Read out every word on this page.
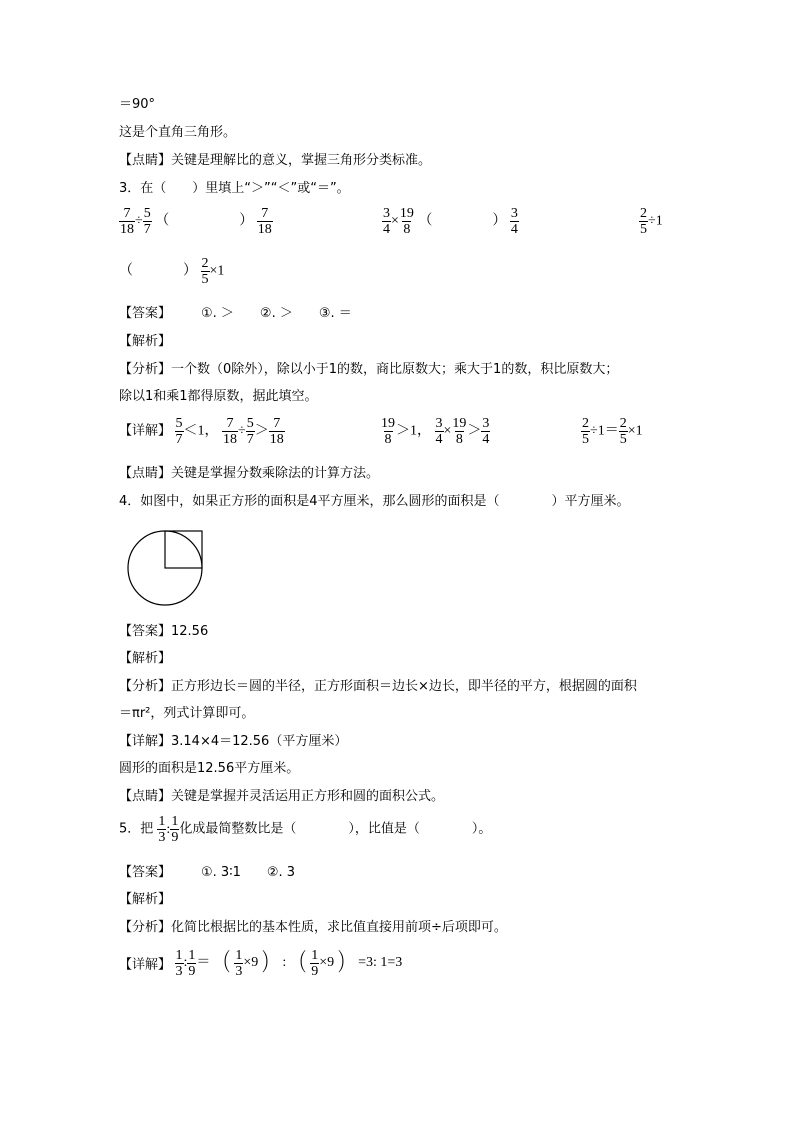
＝90°
这是个直角三角形。
【点睛】关键是理解比的意义，掌握三角形分类标准。
3．在（　　）里填上“＞”“＜”或“＝”。
$\frac{7}{18} \div \frac{5}{7}$ （	） $\frac{7}{18}$	$\frac{3}{4} \times \frac{19}{8}$ （	） $\frac{3}{4}$	$\frac{2}{5} \div 1$
（	） $\frac{2}{5} \times 1$
【答案】 ①. ＞　　②. ＞　　③. ＝
【解析】
【分析】一个数（0除外），除以小于1的数，商比原数大；乘大于1的数，积比原数大；
除以1和乘1都得原数，据此填空。
【详解】 $\frac{5}{7} <1$， $\frac{7}{18} \div \frac{5}{7} > \frac{7}{18}$	$\frac{19}{8} >1$， $\frac{3}{4} \times \frac{19}{8} > \frac{3}{4}$	$\frac{2}{5} \div 1= \frac{2}{5} \times 1$
【点睛】关键是掌握分数乘除法的计算方法。
4．如图中，如果正方形的面积是4平方厘米，那么圆形的面积是（　　　　）平方厘米。
【答案】12.56
【解析】
【分析】正方形边长＝圆的半径，正方形面积＝边长×边长，即半径的平方，根据圆的面积
＝πr²，列式计算即可。
【详解】3.14×4＝12.56（平方厘米）
圆形的面积是12.56平方厘米。
【点睛】关键是掌握并灵活运用正方形和圆的面积公式。
5．把 $\frac{1}{3}$ : $\frac{1}{9}$ 化成最简整数比是（　　　　），比值是（　　　　）。
【答案】 ①. 3∶1　　②. 3
【解析】
【分析】化简比根据比的基本性质，求比值直接用前项÷后项即可。
【详解】 $\frac{1}{3}$ : $\frac{1}{9}$ ＝ （ $\frac{1}{3} \times 9$ ） : （ $\frac{1}{9} \times 9$ ） =3: 1=3
